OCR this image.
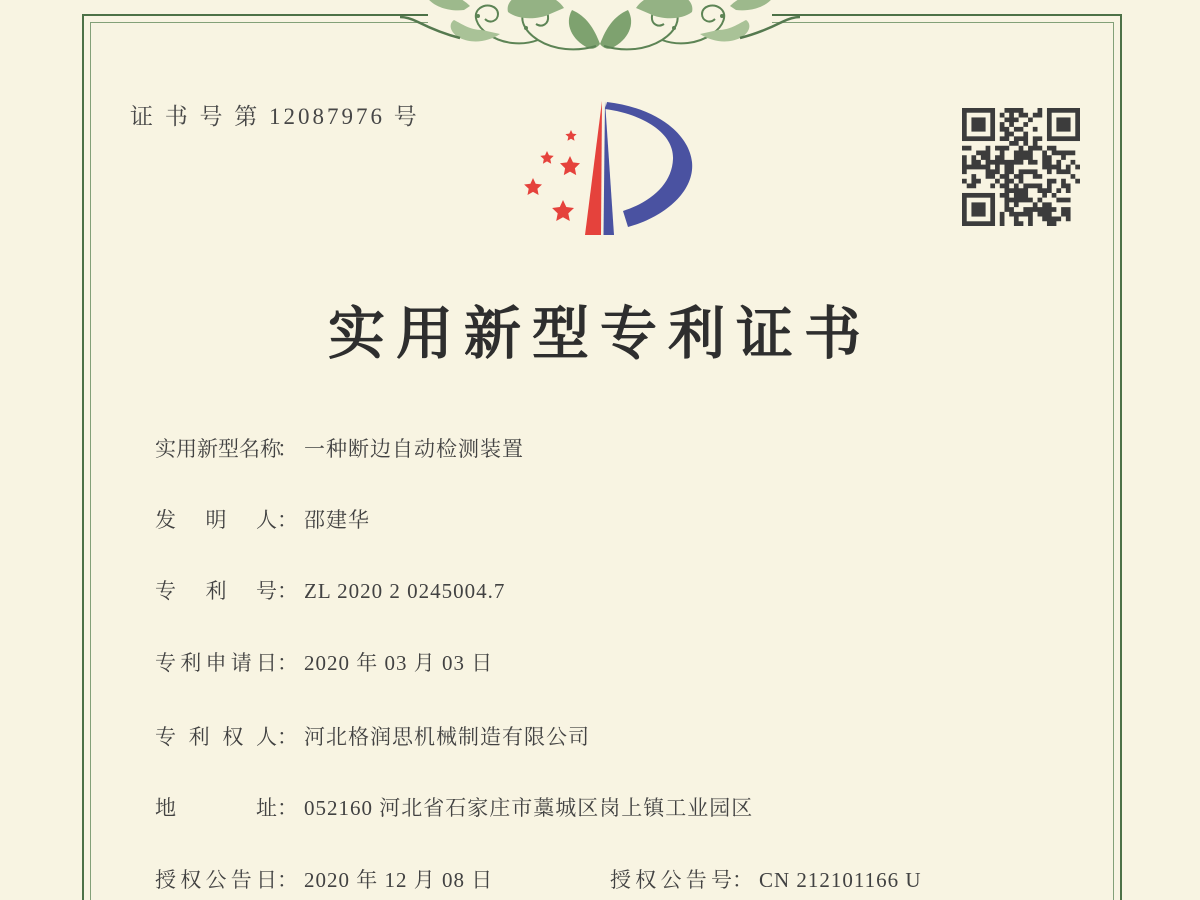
证 书 号 第 12087976 号
实用新型专利证书
实用新型名称： 一种断边自动检测装置
发明人： 邵建华
专利号： ZL 2020 2 0245004.7
专利申请日： 2020 年 03 月 03 日
专利权人： 河北格润思机械制造有限公司
地址： 052160 河北省石家庄市藁城区岗上镇工业园区
授权公告日： 2020 年 12 月 08 日	授权公告号： CN 212101166 U
